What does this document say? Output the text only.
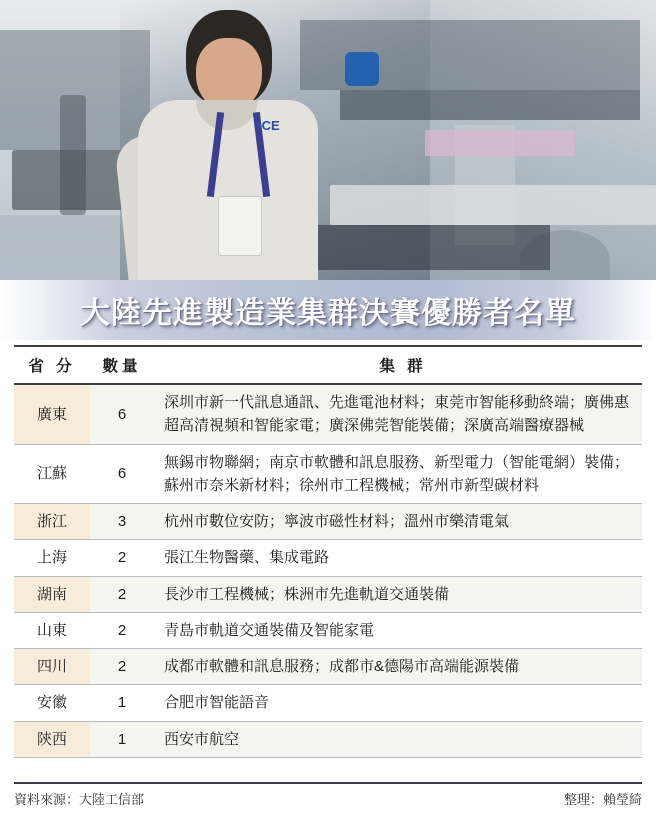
ICE
大陸先進製造業集群決賽優勝者名單
省 分	數量	集 群
廣東	6	深圳市新一代訊息通訊、先進電池材料；東莞市智能移動終端；廣佛惠超高清視頻和智能家電；廣深佛莞智能裝備；深廣高端醫療器械
江蘇	6	無錫市物聯網；南京市軟體和訊息服務、新型電力（智能電網）裝備；蘇州市奈米新材料；徐州市工程機械；常州市新型碳材料
浙江	3	杭州市數位安防；寧波市磁性材料；溫州市樂清電氣
上海	2	張江生物醫藥、集成電路
湖南	2	長沙市工程機械；株洲市先進軌道交通裝備
山東	2	青島市軌道交通裝備及智能家電
四川	2	成都市軟體和訊息服務；成都市&德陽市高端能源裝備
安徽	1	合肥市智能語音
陝西	1	西安市航空
資料來源：大陸工信部	整理：賴瑩綺
